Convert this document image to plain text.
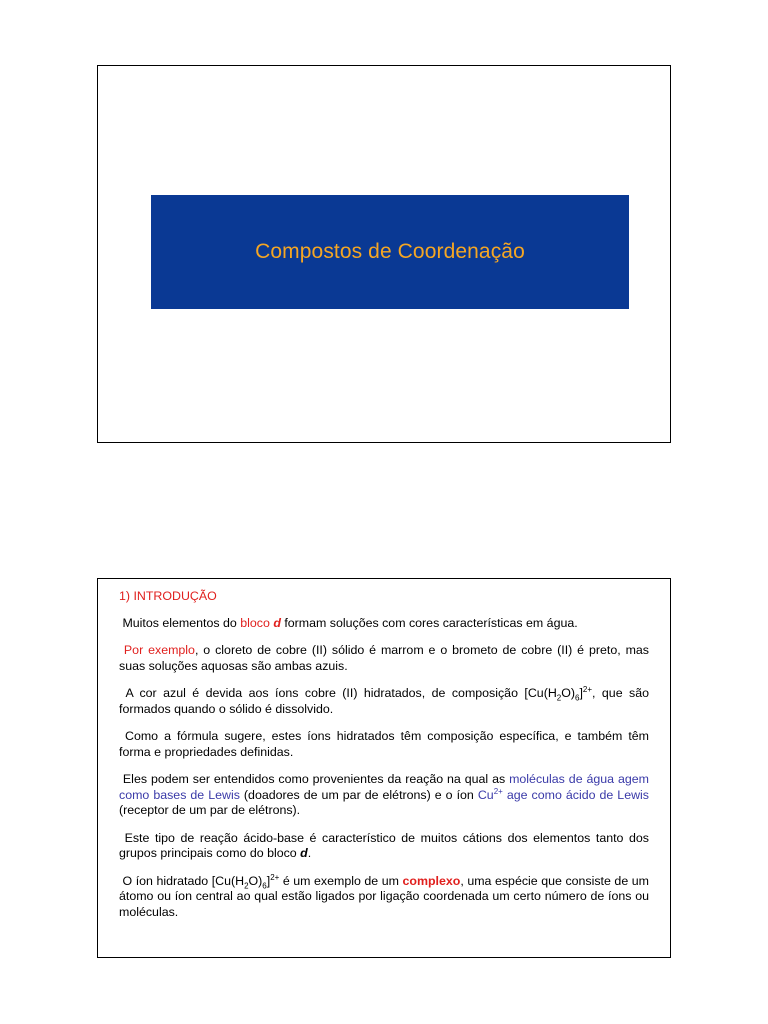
Compostos de Coordenação
1) INTRODUÇÃO

Muitos elementos do bloco d formam soluções com cores características em água.

Por exemplo, o cloreto de cobre (II) sólido é marrom e o brometo de cobre (II) é preto, mas suas soluções aquosas são ambas azuis.

A cor azul é devida aos íons cobre (II) hidratados, de composição $[Cu(H_2O)_6]^{2+}$, que são formados quando o sólido é dissolvido.

Como a fórmula sugere, estes íons hidratados têm composição específica, e também têm forma e propriedades definidas.

Eles podem ser entendidos como provenientes da reação na qual as moléculas de água agem como bases de Lewis (doadores de um par de elétrons) e o íon $Cu^{2+}$ age como ácido de Lewis (receptor de um par de elétrons).

Este tipo de reação ácido-base é característico de muitos cátions dos elementos tanto dos grupos principais como do bloco d.

O íon hidratado $[Cu(H_2O)_6]^{2+}$ é um exemplo de um complexo, uma espécie que consiste de um átomo ou íon central ao qual estão ligados por ligação coordenada um certo número de íons ou moléculas.
